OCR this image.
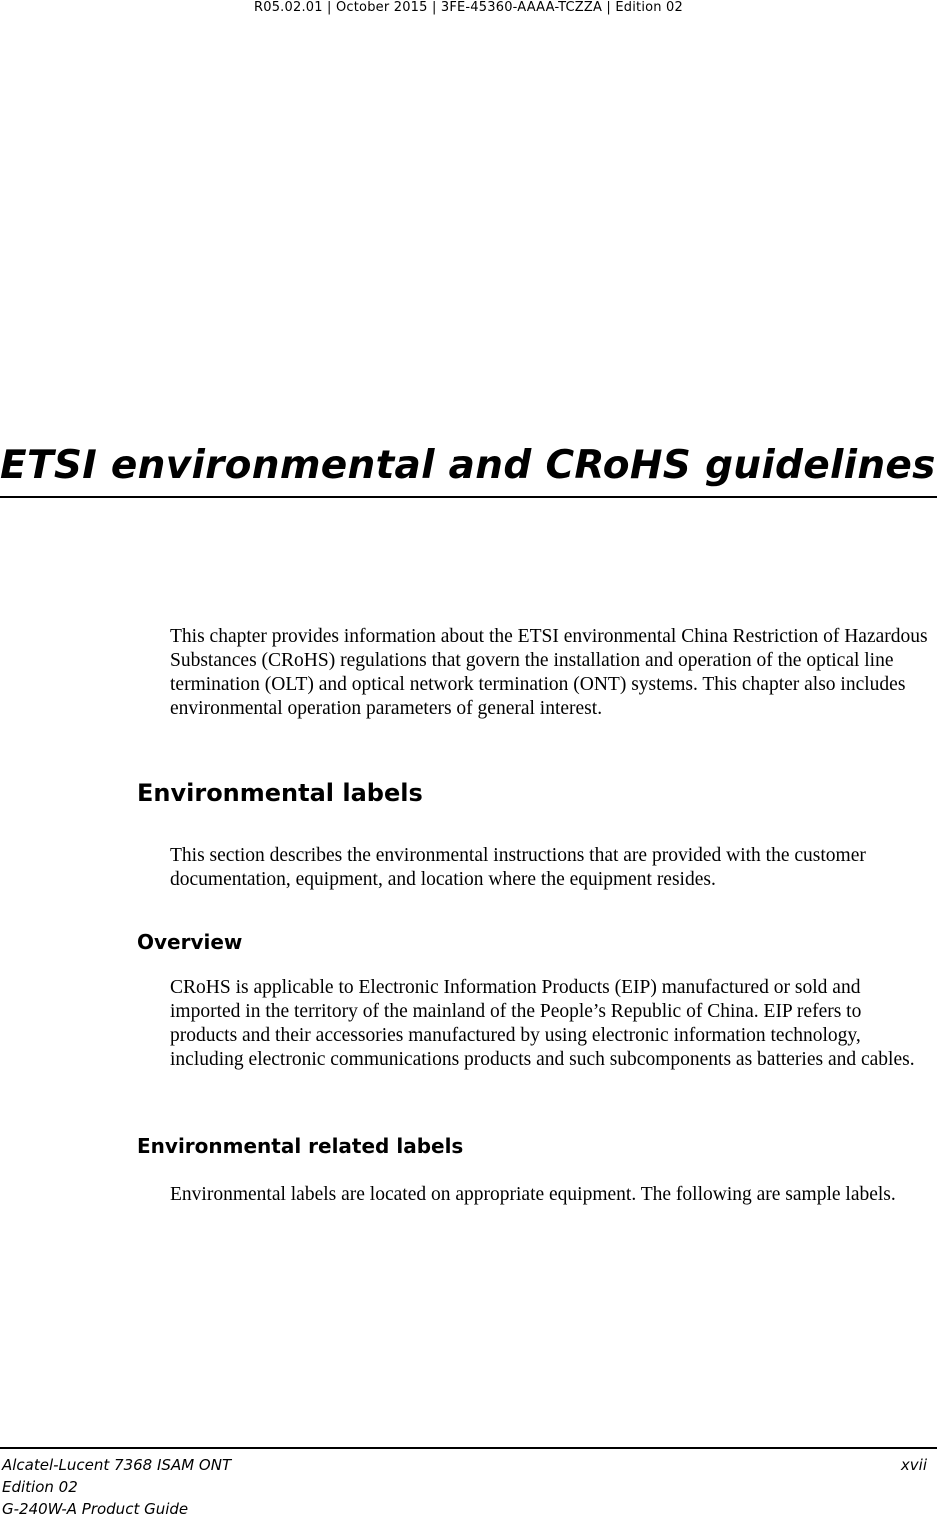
R05.02.01 | October 2015 | 3FE-45360-AAAA-TCZZA | Edition 02
ETSI environmental and CRoHS guidelines

This chapter provides information about the ETSI environmental China Restriction of Hazardous Substances (CRoHS) regulations that govern the installation and operation of the optical line termination (OLT) and optical network termination (ONT) systems. This chapter also includes environmental operation parameters of general interest.

Environmental labels

This section describes the environmental instructions that are provided with the customer documentation, equipment, and location where the equipment resides.

Overview

CRoHS is applicable to Electronic Information Products (EIP) manufactured or sold and imported in the territory of the mainland of the People’s Republic of China. EIP refers to products and their accessories manufactured by using electronic information technology, including electronic communications products and such subcomponents as batteries and cables.

Environmental related labels

Environmental labels are located on appropriate equipment. The following are sample labels.

Alcatel-Lucent 7368 ISAM ONT
Edition 02
G-240W-A Product Guide
xvii
